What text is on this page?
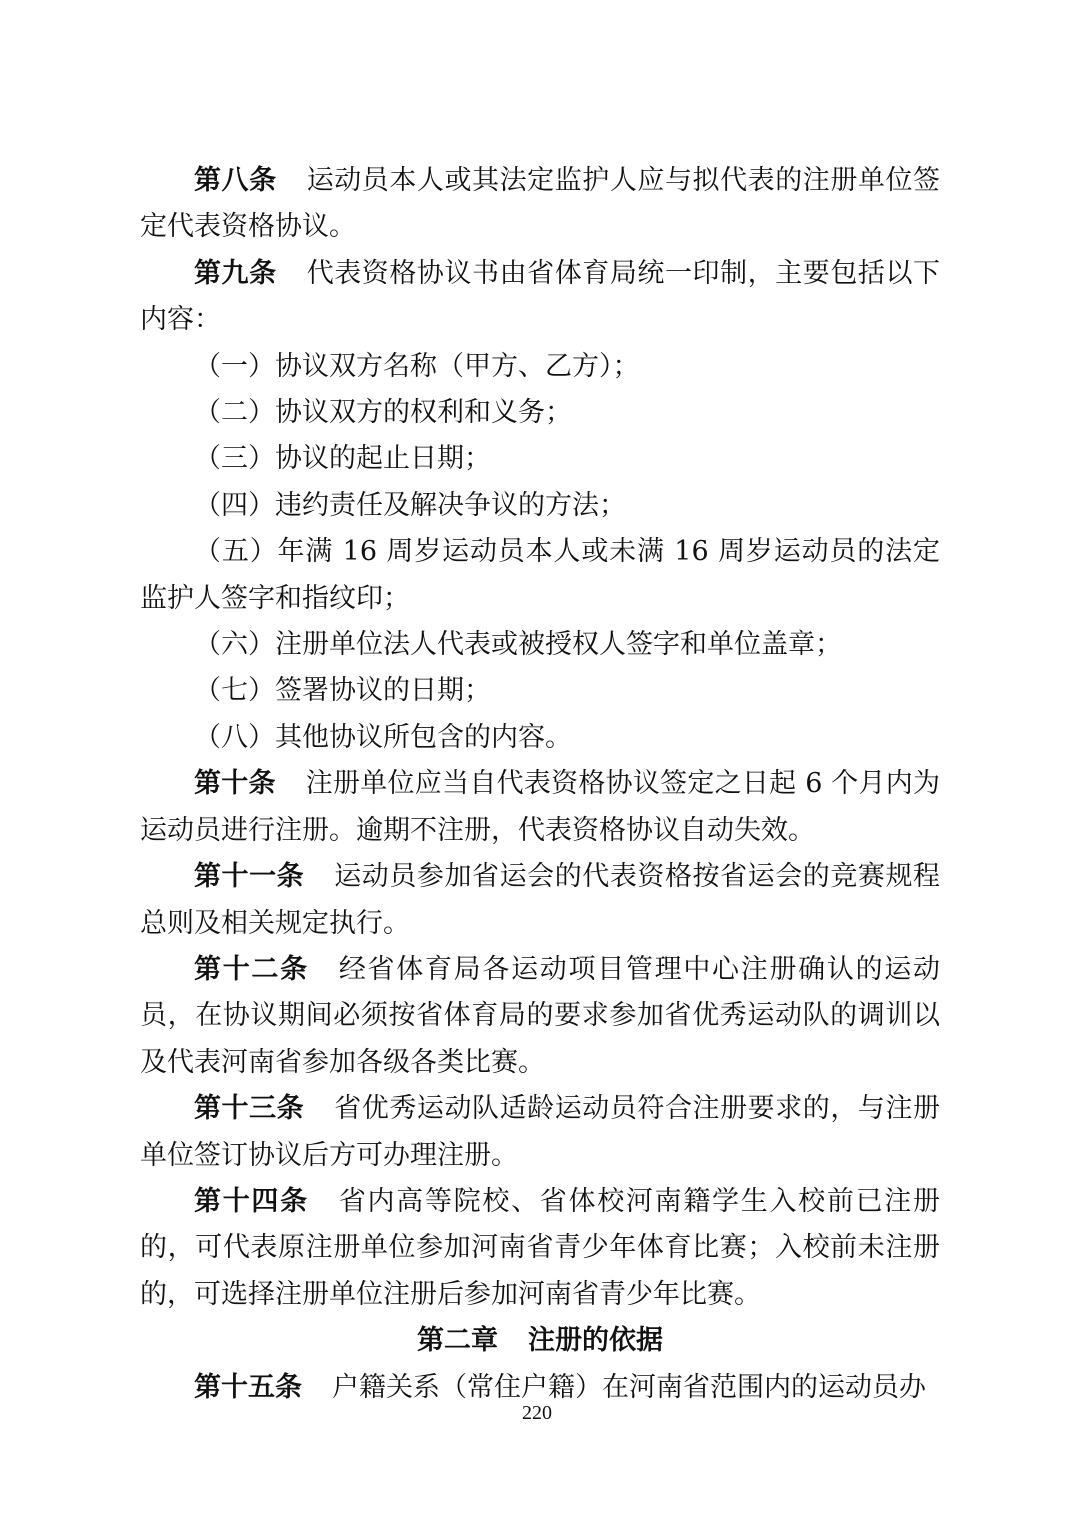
第八条 运动员本人或其法定监护人应与拟代表的注册单位签定代表资格协议。

第九条 代表资格协议书由省体育局统一印制，主要包括以下内容：

（一）协议双方名称（甲方、乙方）；

（二）协议双方的权利和义务；

（三）协议的起止日期；

（四）违约责任及解决争议的方法；

（五）年满 16 周岁运动员本人或未满 16 周岁运动员的法定监护人签字和指纹印；

（六）注册单位法人代表或被授权人签字和单位盖章；

（七）签署协议的日期；

（八）其他协议所包含的内容。

第十条 注册单位应当自代表资格协议签定之日起 6 个月内为运动员进行注册。逾期不注册，代表资格协议自动失效。

第十一条 运动员参加省运会的代表资格按省运会的竞赛规程总则及相关规定执行。

第十二条 经省体育局各运动项目管理中心注册确认的运动员，在协议期间必须按省体育局的要求参加省优秀运动队的调训以及代表河南省参加各级各类比赛。

第十三条 省优秀运动队适龄运动员符合注册要求的，与注册单位签订协议后方可办理注册。

第十四条 省内高等院校、省体校河南籍学生入校前已注册的，可代表原注册单位参加河南省青少年体育比赛；入校前未注册的，可选择注册单位注册后参加河南省青少年比赛。

第二章 注册的依据

第十五条 户籍关系（常住户籍）在河南省范围内的运动员办

220
